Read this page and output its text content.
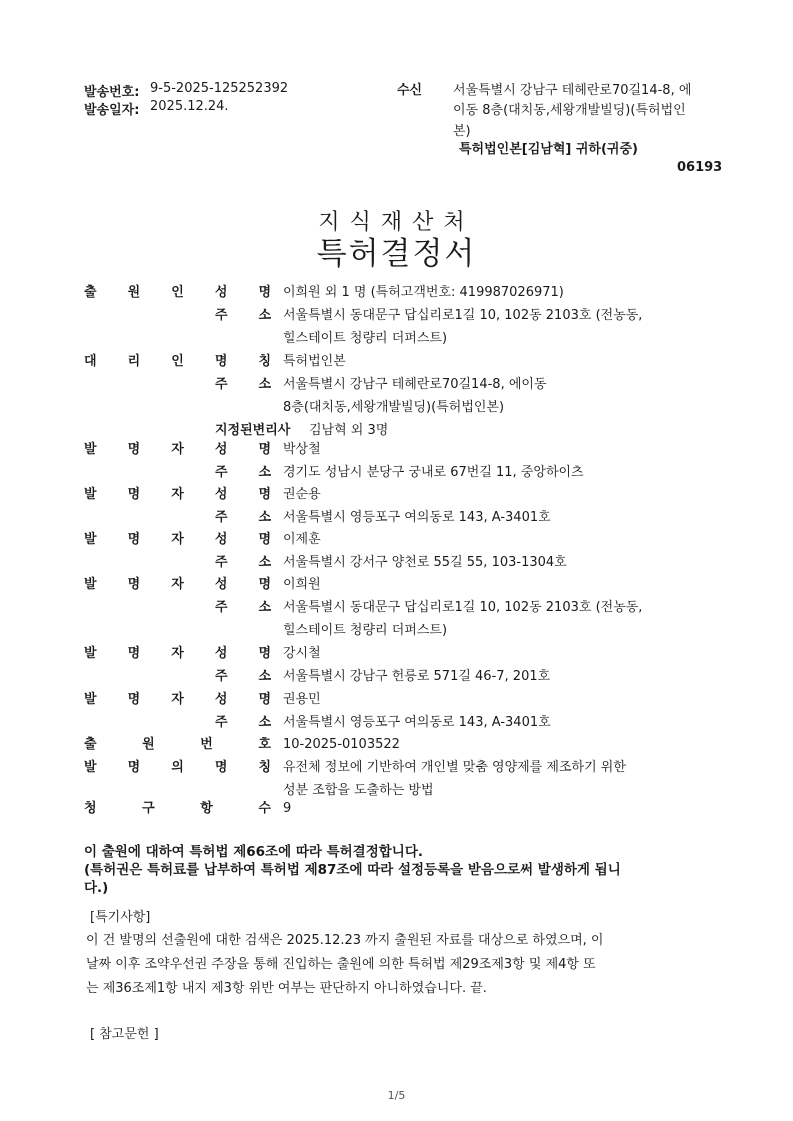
발송번호: 9-5-2025-125252392
발송일자: 2025.12.24.
수신 서울특별시 강남구 테헤란로70길14-8, 에
이동 8층(대치동,세왕개발빌딩)(특허법인
본)
특허법인본[김남혁] 귀하(귀중)
06193
지식재산처
특허결정서
출 원 인 성 명 이희원 외 1 명 (특허고객번호: 419987026971)
주 소 서울특별시 동대문구 답십리로1길 10, 102동 2103호 (전농동,
힐스테이트 청량리 더퍼스트)
대 리 인 명 칭 특허법인본
주 소 서울특별시 강남구 테헤란로70길14-8, 에이동
8층(대치동,세왕개발빌딩)(특허법인본)
지정된변리사 김남혁 외 3명
발 명 자 성 명 박상철
주 소 경기도 성남시 분당구 궁내로 67번길 11, 중앙하이츠
발 명 자 성 명 권순용
주 소 서울특별시 영등포구 여의동로 143, A-3401호
발 명 자 성 명 이제훈
주 소 서울특별시 강서구 양천로 55길 55, 103-1304호
발 명 자 성 명 이희원
주 소 서울특별시 동대문구 답십리로1길 10, 102동 2103호 (전농동,
힐스테이트 청량리 더퍼스트)
발 명 자 성 명 강시철
주 소 서울특별시 강남구 헌릉로 571길 46-7, 201호
발 명 자 성 명 권용민
주 소 서울특별시 영등포구 여의동로 143, A-3401호
출	원	번	호 10-2025-0103522
발 명 의 명 칭 유전체 정보에 기반하여 개인별 맞춤 영양제를 제조하기 위한
성분 조합을 도출하는 방법
청	구	항	수 9
이 출원에 대하여 특허법 제66조에 따라 특허결정합니다.
(특허권은 특허료를 납부하여 특허법 제87조에 따라 설정등록을 받음으로써 발생하게 됩니
다.)
[특기사항]
이 건 발명의 선출원에 대한 검색은 2025.12.23 까지 출원된 자료를 대상으로 하였으며, 이
날짜 이후 조약우선권 주장을 통해 진입하는 출원에 의한 특허법 제29조제3항 및 제4항 또
는 제36조제1항 내지 제3항 위반 여부는 판단하지 아니하였습니다. 끝.
[ 참고문헌 ]
1/5
